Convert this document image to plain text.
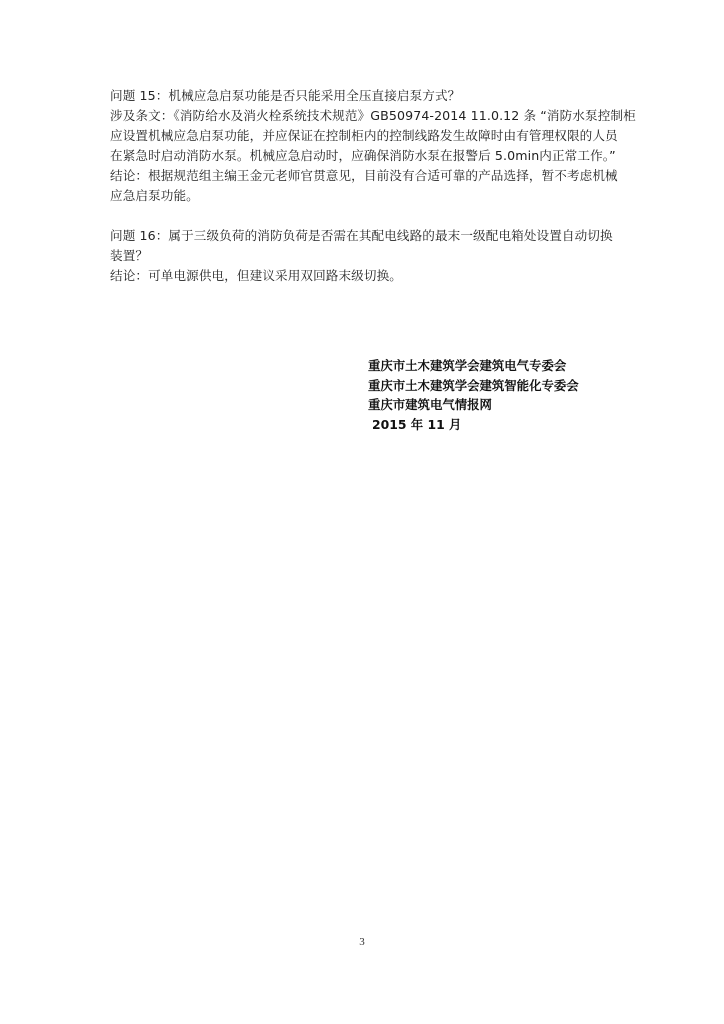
问题 15：机械应急启泵功能是否只能采用全压直接启泵方式？
涉及条文：《消防给水及消火栓系统技术规范》GB50974-2014 11.0.12 条 “消防水泵控制柜
应设置机械应急启泵功能，并应保证在控制柜内的控制线路发生故障时由有管理权限的人员
在紧急时启动消防水泵。机械应急启动时，应确保消防水泵在报警后 5.0min内正常工作。”
结论：根据规范组主编王金元老师官贯意见，目前没有合适可靠的产品选择，暂不考虑机械
应急启泵功能。
问题 16：属于三级负荷的消防负荷是否需在其配电线路的最末一级配电箱处设置自动切换
装置？
结论：可单电源供电，但建议采用双回路末级切换。
重庆市土木建筑学会建筑电气专委会
重庆市土木建筑学会建筑智能化专委会
重庆市建筑电气情报网
2015 年 11 月
3
